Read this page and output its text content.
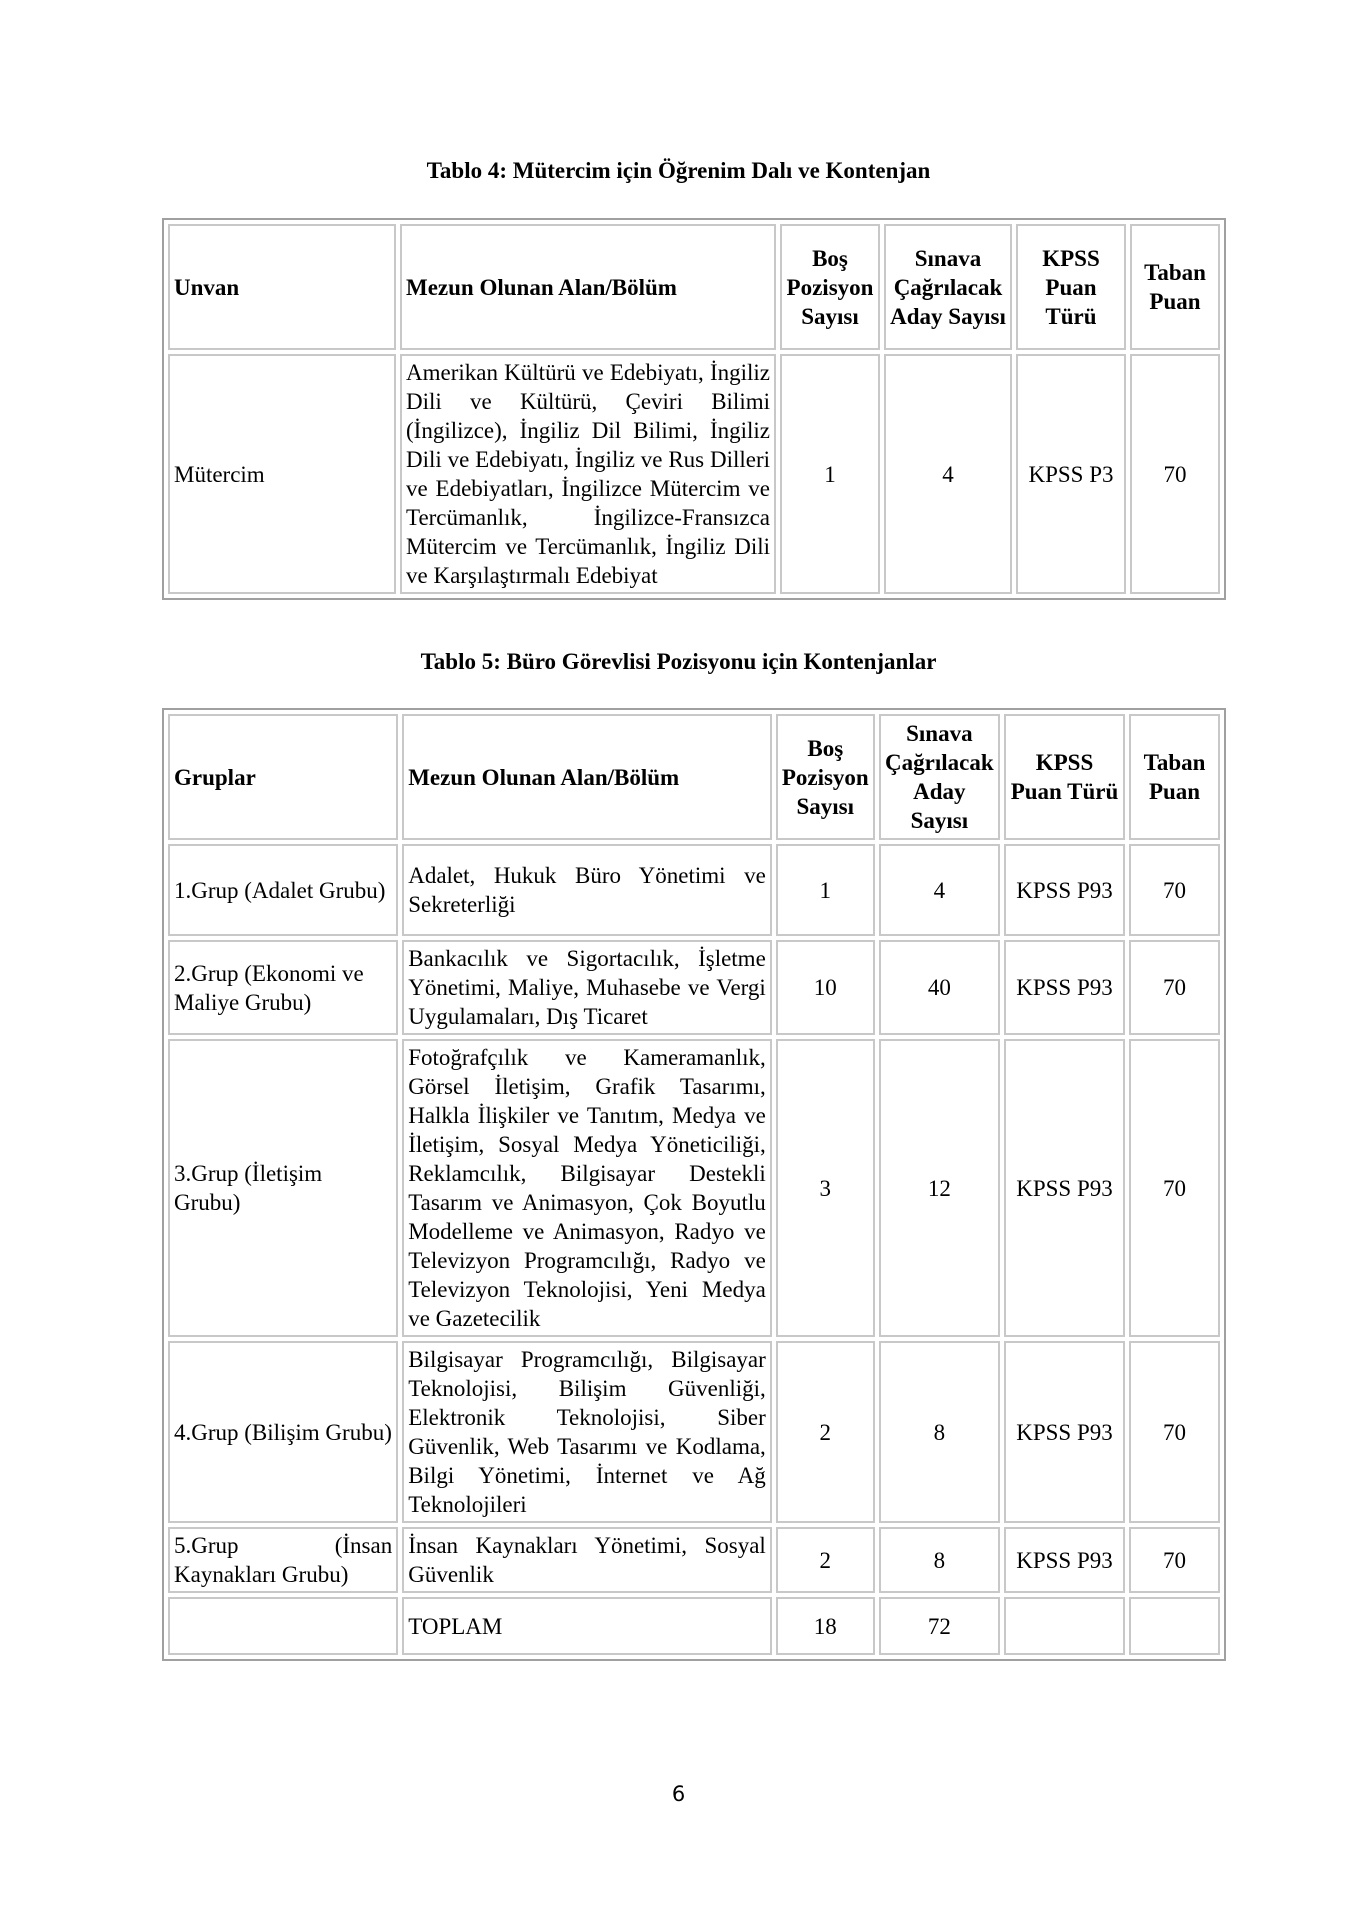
Tablo 4: Mütercim için Öğrenim Dalı ve Kontenjan
Unvan	Mezun Olunan Alan/Bölüm	Boş Pozisyon Sayısı	Sınava Çağrılacak Aday Sayısı	KPSS Puan Türü	Taban Puan
Mütercim	Amerikan Kültürü ve Edebiyatı, İngiliz Dili ve Kültürü, Çeviri Bilimi (İngilizce), İngiliz Dil Bilimi, İngiliz Dili ve Edebiyatı, İngiliz ve Rus Dilleri ve Edebiyatları, İngilizce Mütercim ve Tercümanlık, İngilizce-Fransızca Mütercim ve Tercümanlık, İngiliz Dili ve Karşılaştırmalı Edebiyat	1	4	KPSS P3	70
Tablo 5: Büro Görevlisi Pozisyonu için Kontenjanlar
Gruplar	Mezun Olunan Alan/Bölüm	Boş Pozisyon Sayısı	Sınava Çağrılacak Aday Sayısı	KPSS Puan Türü	Taban Puan
1.Grup (Adalet Grubu)	Adalet, Hukuk Büro Yönetimi ve Sekreterliği	1	4	KPSS P93	70
2.Grup (Ekonomi ve Maliye Grubu)	Bankacılık ve Sigortacılık, İşletme Yönetimi, Maliye, Muhasebe ve Vergi Uygulamaları, Dış Ticaret	10	40	KPSS P93	70
3.Grup (İletişim Grubu)	Fotoğrafçılık ve Kameramanlık, Görsel İletişim, Grafik Tasarımı, Halkla İlişkiler ve Tanıtım, Medya ve İletişim, Sosyal Medya Yöneticiliği, Reklamcılık, Bilgisayar Destekli Tasarım ve Animasyon, Çok Boyutlu Modelleme ve Animasyon, Radyo ve Televizyon Programcılığı, Radyo ve Televizyon Teknolojisi, Yeni Medya ve Gazetecilik	3	12	KPSS P93	70
4.Grup (Bilişim Grubu)	Bilgisayar Programcılığı, Bilgisayar Teknolojisi, Bilişim Güvenliği, Elektronik Teknolojisi, Siber Güvenlik, Web Tasarımı ve Kodlama, Bilgi Yönetimi, İnternet ve Ağ Teknolojileri	2	8	KPSS P93	70
5.Grup (İnsan Kaynakları Grubu)	İnsan Kaynakları Yönetimi, Sosyal Güvenlik	2	8	KPSS P93	70
	TOPLAM	18	72		
6
